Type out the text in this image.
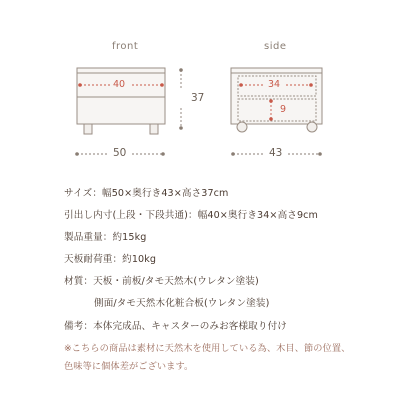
front	side
40
37
50
34
9
43
サイズ：幅50×奥行き43×高さ37cm
引出し内寸(上段・下段共通)：幅40×奥行き34×高さ9cm
製品重量：約15kg
天板耐荷重：約10kg
材質：天板・前板/タモ天然木(ウレタン塗装)
側面/タモ天然木化粧合板(ウレタン塗装)
備考：本体完成品、キャスターのみお客様取り付け
※こちらの商品は素材に天然木を使用している為、木目、節の位置、
色味等に個体差がございます。
